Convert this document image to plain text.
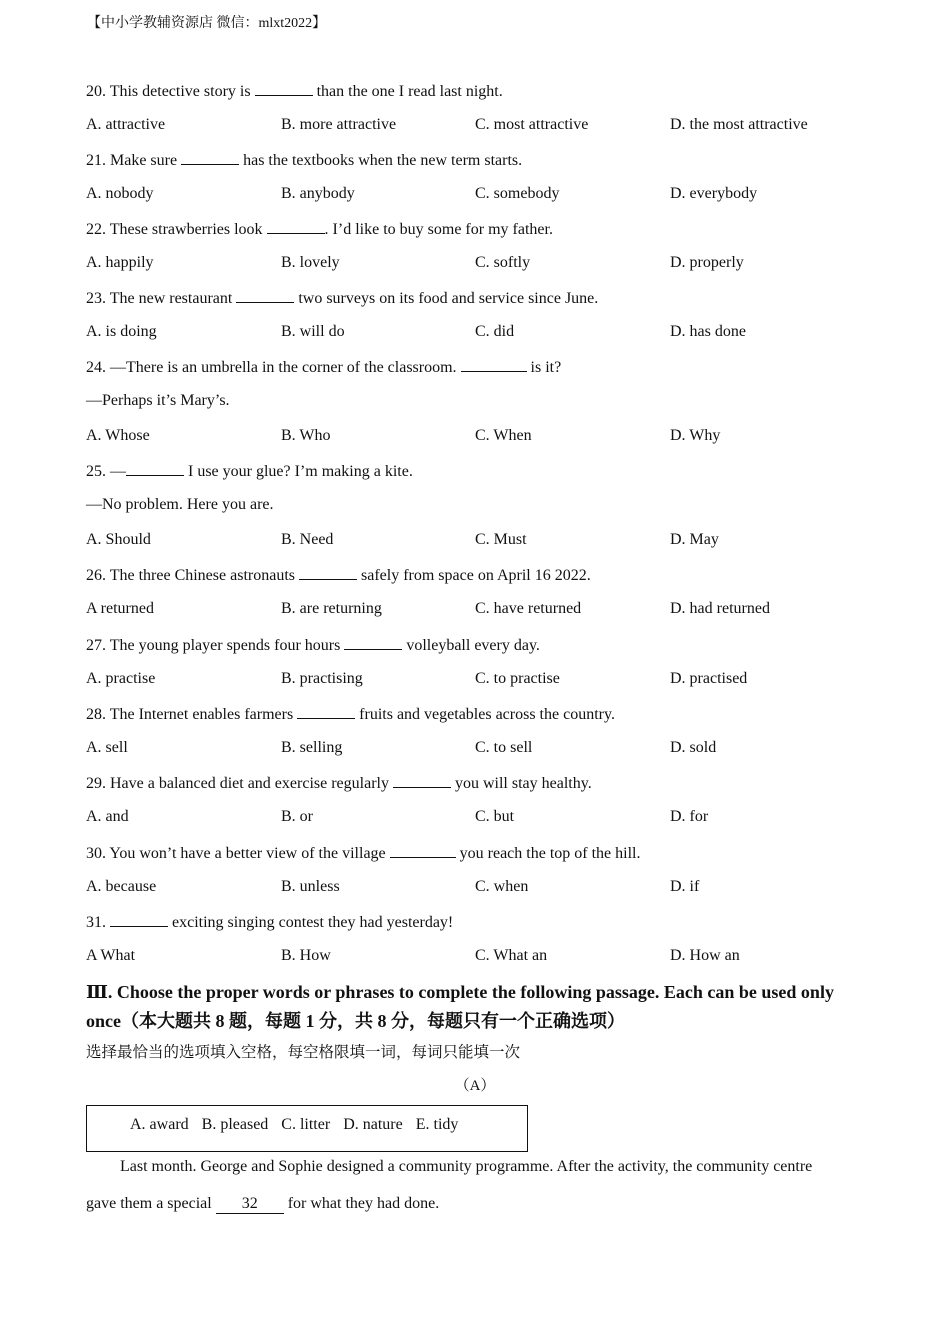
【中小学教辅资源店 微信：mlxt2022】
20. This detective story is	than the one I read last night.
A. attractive	B. more attractive	C. most attractive	D. the most attractive
21. Make sure	has the textbooks when the new term starts.
A. nobody	B. anybody	C. somebody	D. everybody
22. These strawberries look	. I’d like to buy some for my father.
A. happily	B. lovely	C. softly	D. properly
23. The new restaurant	two surveys on its food and service since June.
A. is doing	B. will do	C. did	D. has done
24. —There is an umbrella in the corner of the classroom.	is it?
—Perhaps it’s Mary’s.
A. Whose	B. Who	C. When	D. Why
25. —	I use your glue? I’m making a kite.
—No problem. Here you are.
A. Should	B. Need	C. Must	D. May
26. The three Chinese astronauts	safely from space on April 16 2022.
A returned	B. are returning	C. have returned	D. had returned
27. The young player spends four hours	volleyball every day.
A. practise	B. practising	C. to practise	D. practised
28. The Internet enables farmers	fruits and vegetables across the country.
A. sell	B. selling	C. to sell	D. sold
29. Have a balanced diet and exercise regularly	you will stay healthy.
A. and	B. or	C. but	D. for
30. You won’t have a better view of the village	you reach the top of the hill.
A. because	B. unless	C. when	D. if
31.	exciting singing contest they had yesterday!
A What	B. How	C. What an	D. How an
Ⅲ. Choose the proper words or phrases to complete the following passage. Each can be used only once（本大题共 8 题，每题 1 分，共 8 分，每题只有一个正确选项）
选择最恰当的选项填入空格，每空格限填一词，每词只能填一次
（A）
A. award B. pleased C. litter D. nature E. tidy
Last month. George and Sophie designed a community programme. After the activity, the community centre
gave them a special 32 for what they had done.
